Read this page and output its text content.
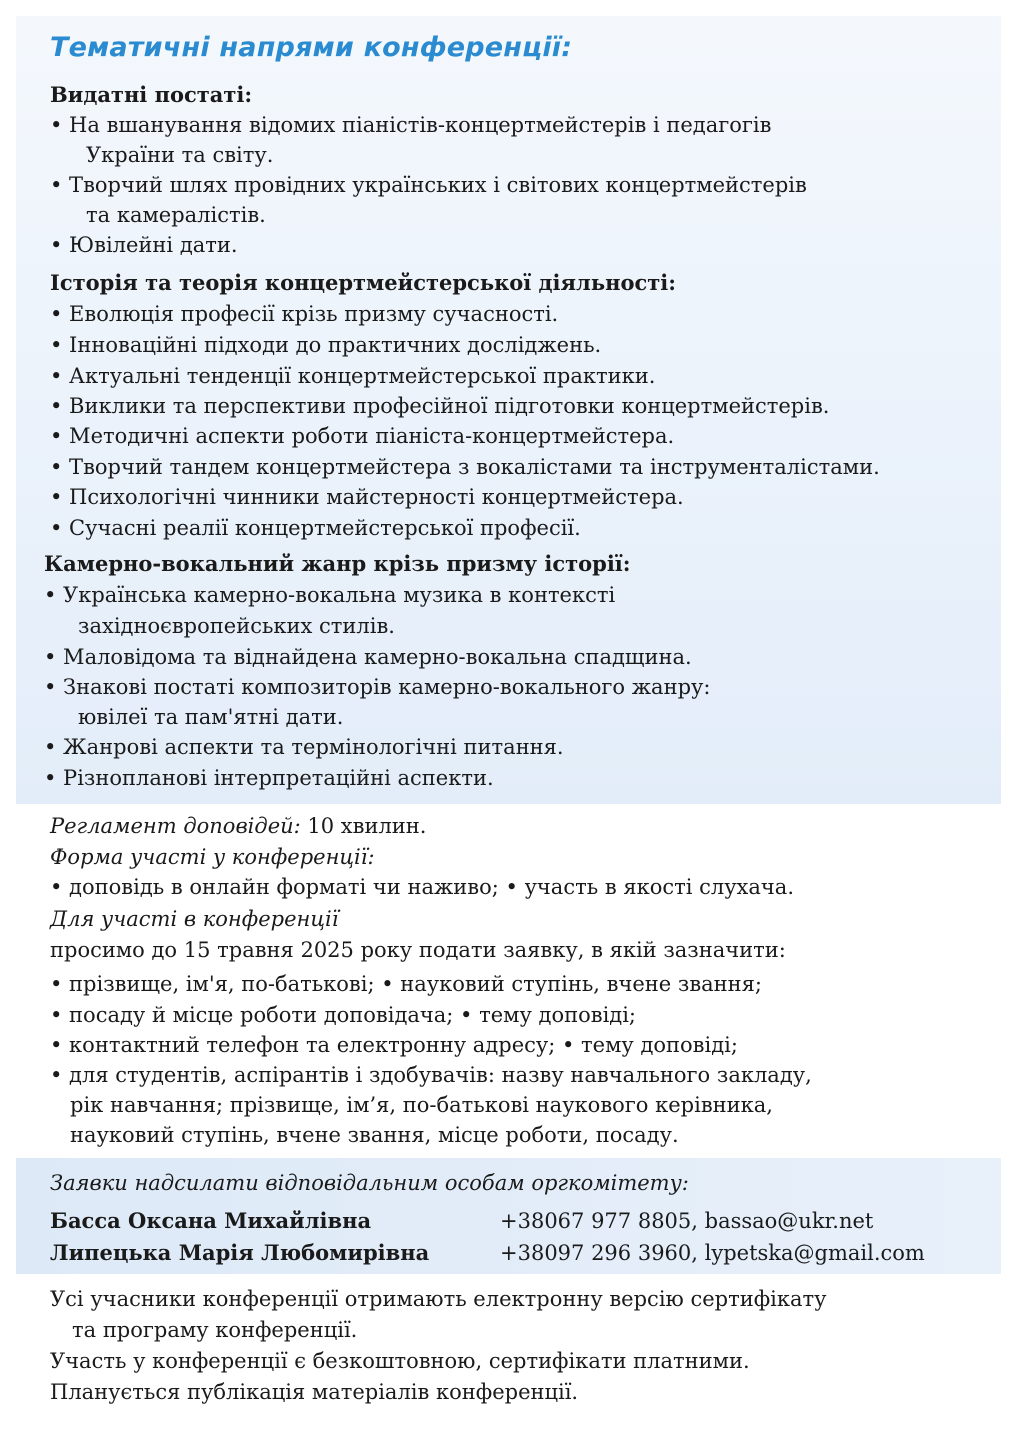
Тематичні напрями конференції:
Видатні постаті:
• На вшанування відомих піаністів-концертмейстерів і педагогів
України та світу.
• Творчий шлях провідних українських і світових концертмейстерів
та камералістів.
• Ювілейні дати.
Історія та теорія концертмейстерської діяльності:
• Еволюція професії крізь призму сучасності.
• Інноваційні підходи до практичних досліджень.
• Актуальні тенденції концертмейстерської практики.
• Виклики та перспективи професійної підготовки концертмейстерів.
• Методичні аспекти роботи піаніста-концертмейстера.
• Творчий тандем концертмейстера з вокалістами та інструменталістами.
• Психологічні чинники майстерності концертмейстера.
• Сучасні реалії концертмейстерської професії.
Камерно-вокальний жанр крізь призму історії:
• Українська камерно-вокальна музика в контексті
західноєвропейських стилів.
• Маловідома та віднайдена камерно-вокальна спадщина.
• Знакові постаті композиторів камерно-вокального жанру:
ювілеї та пам'ятні дати.
• Жанрові аспекти та термінологічні питання.
• Різнопланові інтерпретаційні аспекти.
Регламент доповідей: 10 хвилин.
Форма участі у конференції:
• доповідь в онлайн форматі чи наживо; • участь в якості слухача.
Для участі в конференції
просимо до 15 травня 2025 року подати заявку, в якій зазначити:
• прізвище, ім'я, по-батькові; • науковий ступінь, вчене звання;
• посаду й місце роботи доповідача; • тему доповіді;
• контактний телефон та електронну адресу; • тему доповіді;
• для студентів, аспірантів і здобувачів: назву навчального закладу,
рік навчання; прізвище, ім’я, по-батькові наукового керівника,
науковий ступінь, вчене звання, місце роботи, посаду.
Заявки надсилати відповідальним особам оргкомітету:
Басса Оксана Михайлівна	+38067 977 8805, bassao@ukr.net
Липецька Марія Любомирівна	+38097 296 3960, lypetska@gmail.com
Усі учасники конференції отримають електронну версію сертифікату
та програму конференції.
Участь у конференції є безкоштовною, сертифікати платними.
Планується публікація матеріалів конференції.
